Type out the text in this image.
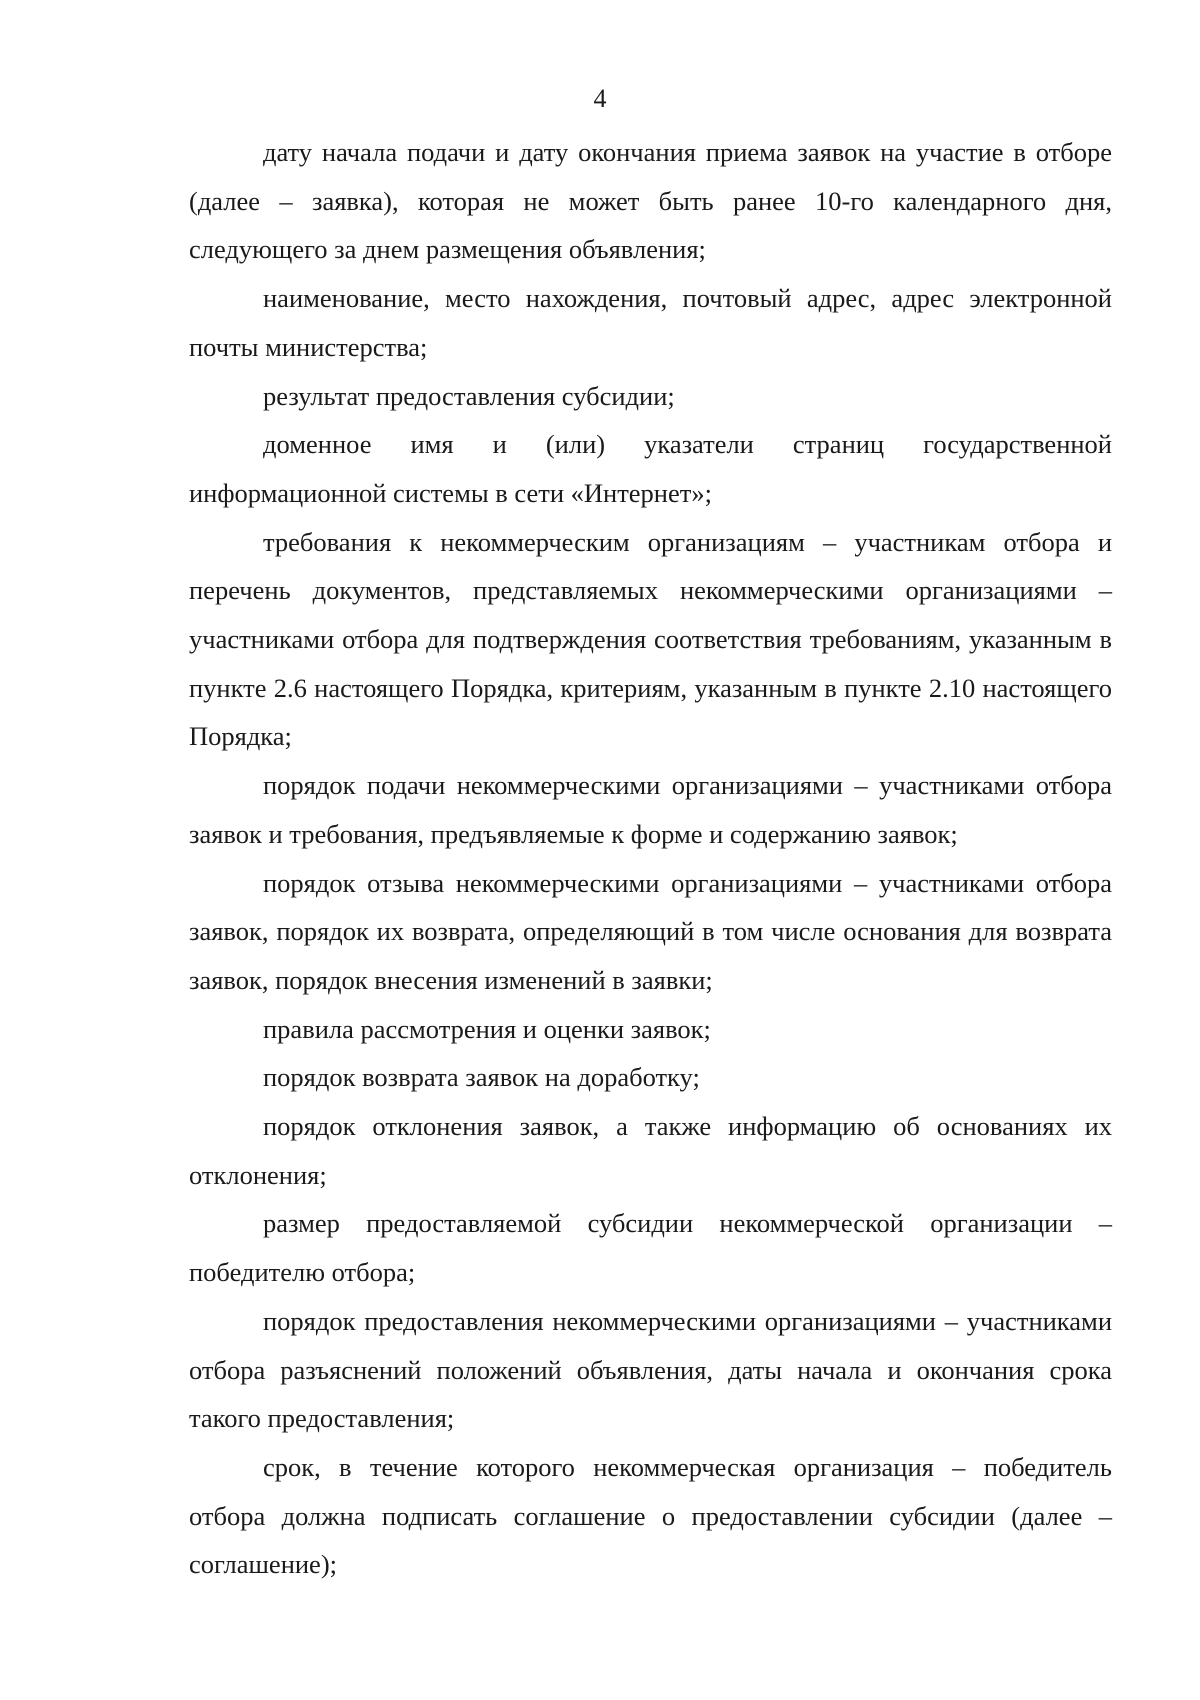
4

дату начала подачи и дату окончания приема заявок на участие в отборе (далее – заявка), которая не может быть ранее 10-го календарного дня, следующего за днем размещения объявления;

наименование, место нахождения, почтовый адрес, адрес электронной почты министерства;

результат предоставления субсидии;

доменное имя и (или) указатели страниц государственной информационной системы в сети «Интернет»;

требования к некоммерческим организациям – участникам отбора и перечень документов, представляемых некоммерческими организациями – участниками отбора для подтверждения соответствия требованиям, указанным в пункте 2.6 настоящего Порядка, критериям, указанным в пункте 2.10 настоящего Порядка;

порядок подачи некоммерческими организациями – участниками отбора заявок и требования, предъявляемые к форме и содержанию заявок;

порядок отзыва некоммерческими организациями – участниками отбора заявок, порядок их возврата, определяющий в том числе основания для возврата заявок, порядок внесения изменений в заявки;

правила рассмотрения и оценки заявок;

порядок возврата заявок на доработку;

порядок отклонения заявок, а также информацию об основаниях их отклонения;

размер предоставляемой субсидии некоммерческой организации – победителю отбора;

порядок предоставления некоммерческими организациями – участниками отбора разъяснений положений объявления, даты начала и окончания срока такого предоставления;

срок, в течение которого некоммерческая организация – победитель отбора должна подписать соглашение о предоставлении субсидии (далее – соглашение);
